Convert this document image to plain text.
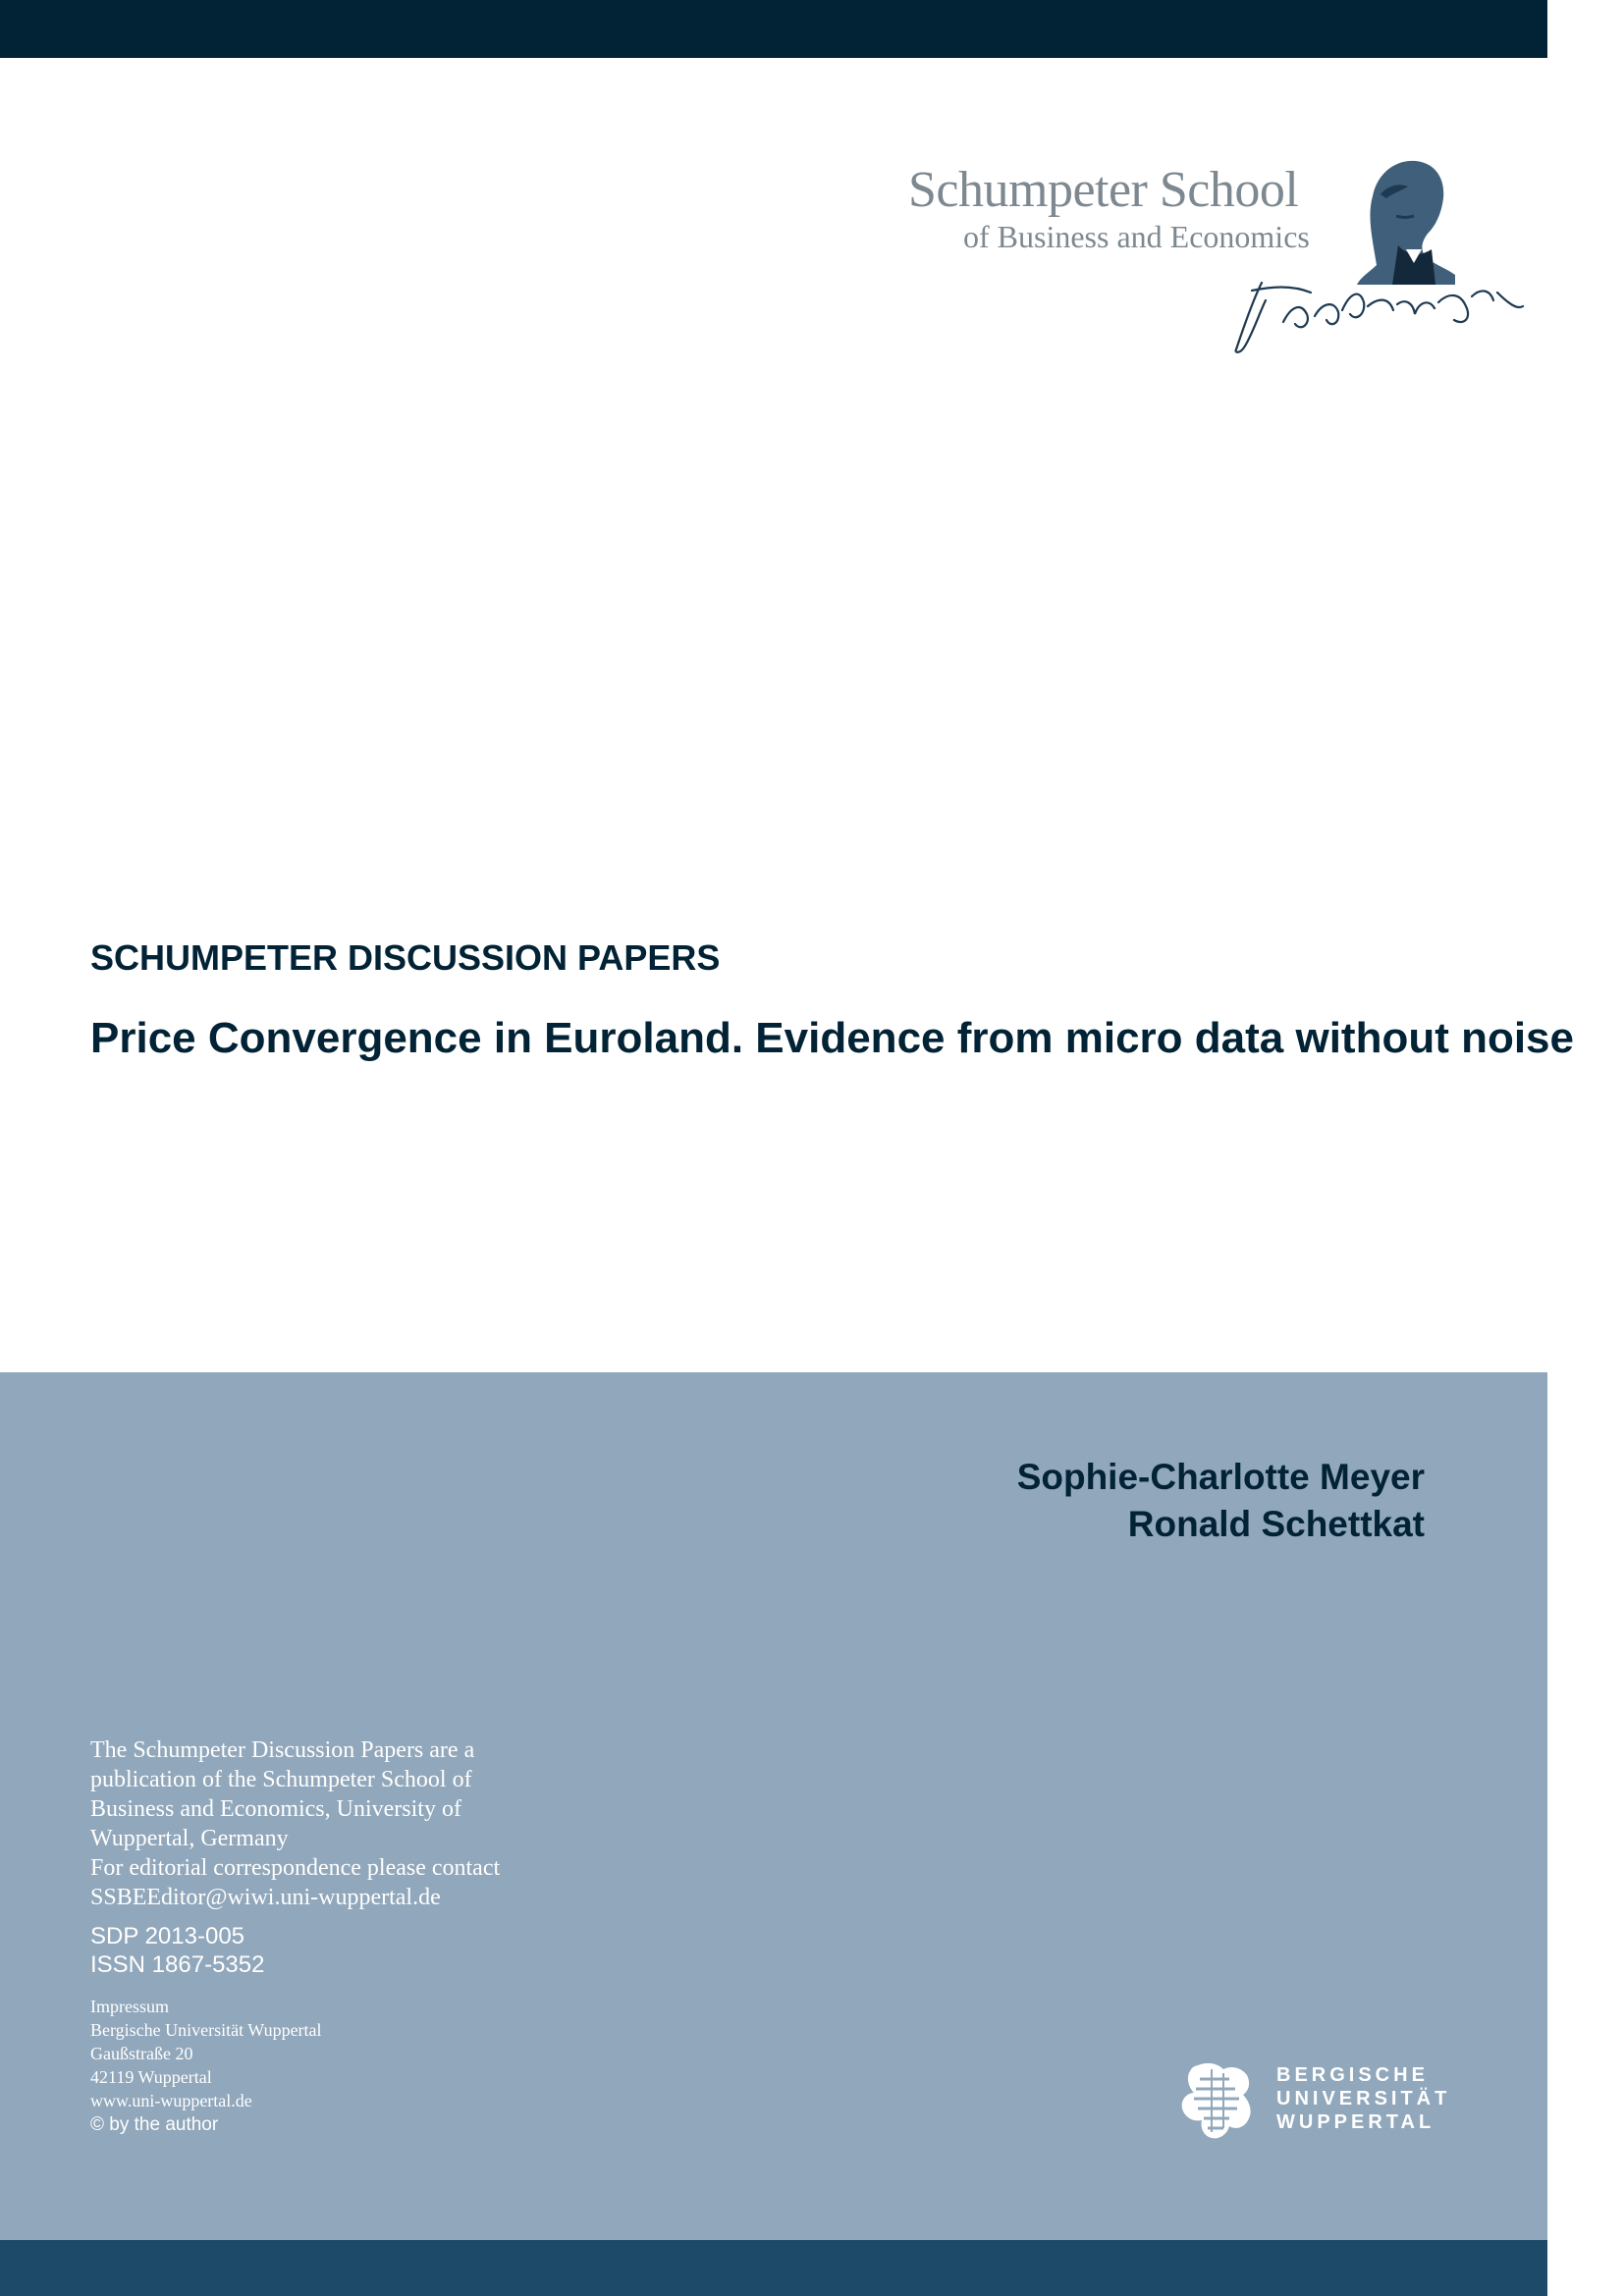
Schumpeter School
of Business and Economics
SCHUMPETER DISCUSSION PAPERS
Price Convergence in Euroland. Evidence from micro data without noise
Sophie-Charlotte Meyer
Ronald Schettkat
The Schumpeter Discussion Papers are a
publication of the Schumpeter School of
Business and Economics, University of
Wuppertal, Germany
For editorial correspondence please contact
SSBEEditor@wiwi.uni-wuppertal.de
SDP 2013-005
ISSN 1867-5352
Impressum
Bergische Universität Wuppertal
Gaußstraße 20
42119 Wuppertal
www.uni-wuppertal.de
© by the author
BERGISCHE
UNIVERSITÄT
WUPPERTAL
